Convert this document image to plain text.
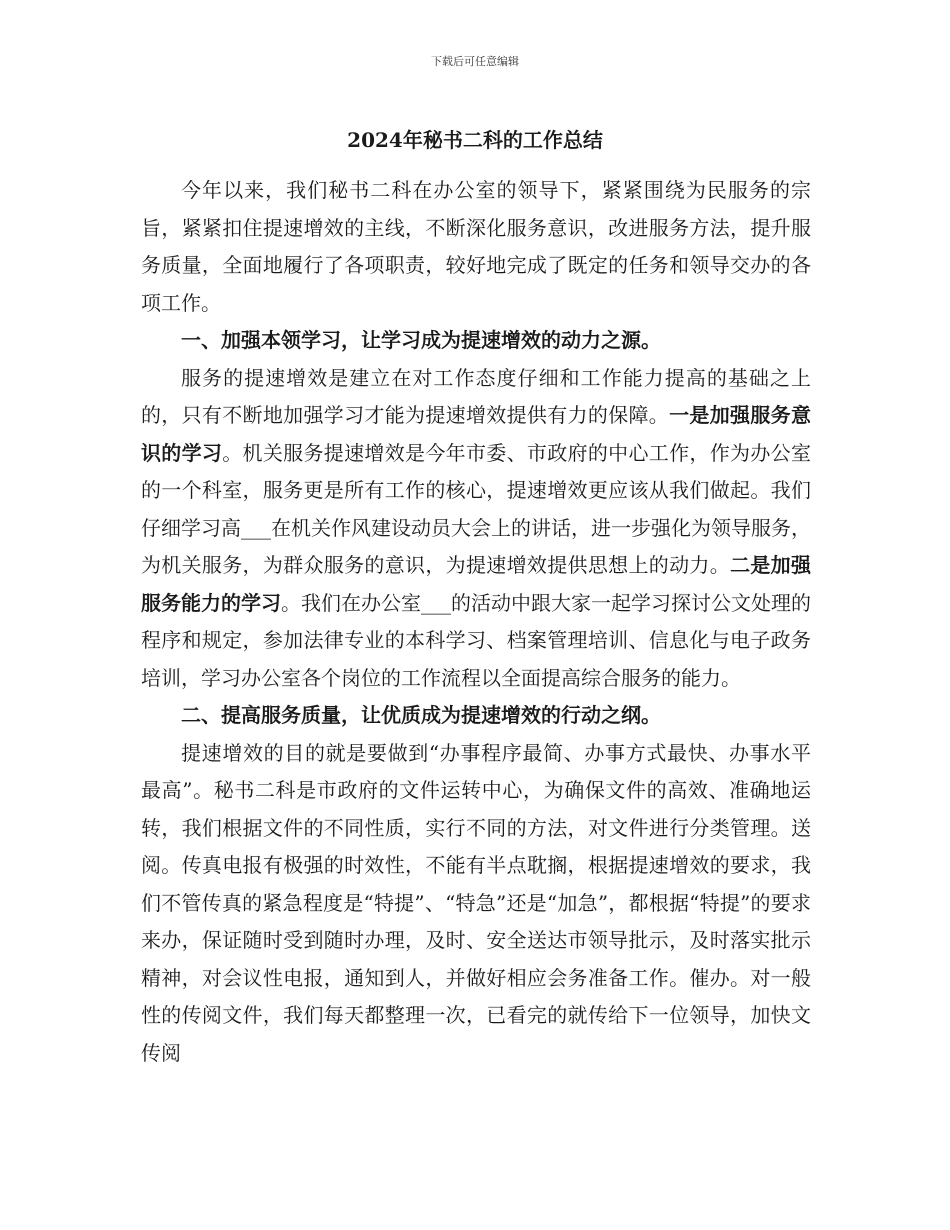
下载后可任意编辑
2024年秘书二科的工作总结

今年以来，我们秘书二科在办公室的领导下，紧紧围绕为民服务的宗旨，紧紧扣住提速增效的主线，不断深化服务意识，改进服务方法，提升服务质量，全面地履行了各项职责，较好地完成了既定的任务和领导交办的各项工作。

一、加强本领学习，让学习成为提速增效的动力之源。

服务的提速增效是建立在对工作态度仔细和工作能力提高的基础之上的，只有不断地加强学习才能为提速增效提供有力的保障。一是加强服务意识的学习。机关服务提速增效是今年市委、市政府的中心工作，作为办公室的一个科室，服务更是所有工作的核心，提速增效更应该从我们做起。我们仔细学习高___在机关作风建设动员大会上的讲话，进一步强化为领导服务，为机关服务，为群众服务的意识，为提速增效提供思想上的动力。二是加强服务能力的学习。我们在办公室___的活动中跟大家一起学习探讨公文处理的程序和规定，参加法律专业的本科学习、档案管理培训、信息化与电子政务培训，学习办公室各个岗位的工作流程以全面提高综合服务的能力。

二、提高服务质量，让优质成为提速增效的行动之纲。

提速增效的目的就是要做到“办事程序最简、办事方式最快、办事水平最高”。秘书二科是市政府的文件运转中心，为确保文件的高效、准确地运转，我们根据文件的不同性质，实行不同的方法，对文件进行分类管理。送阅。传真电报有极强的时效性，不能有半点耽搁，根据提速增效的要求，我们不管传真的紧急程度是“特提”、“特急”还是“加急”，都根据“特提”的要求来办，保证随时受到随时办理，及时、安全送达市领导批示，及时落实批示精神，对会议性电报，通知到人，并做好相应会务准备工作。催办。对一般性的传阅文件，我们每天都整理一次，已看完的就传给下一位领导，加快文传阅
